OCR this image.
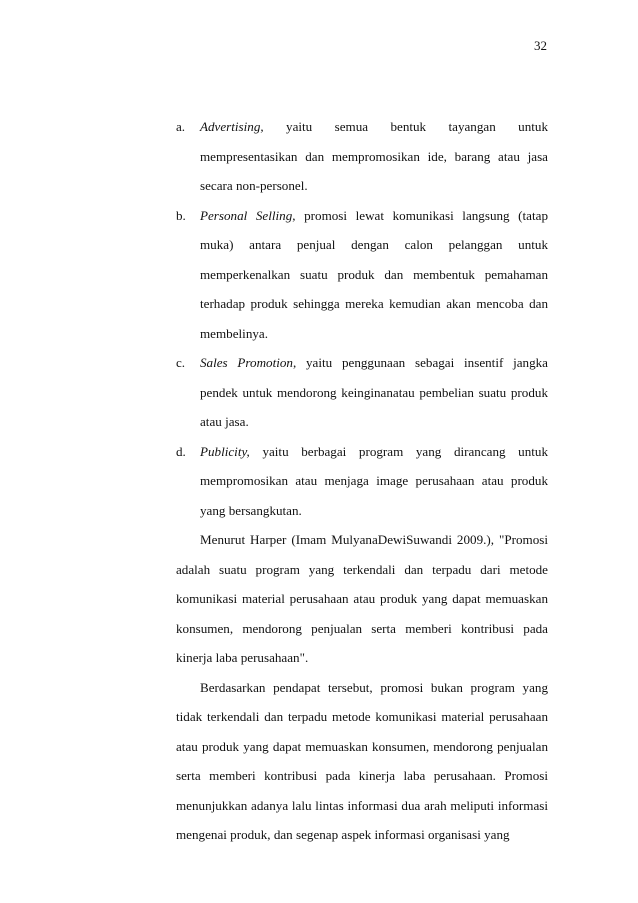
32
a. Advertising, yaitu semua bentuk tayangan untuk mempresentasikan dan mempromosikan ide, barang atau jasa secara non-personel.
b. Personal Selling, promosi lewat komunikasi langsung (tatap muka) antara penjual dengan calon pelanggan untuk memperkenalkan suatu produk dan membentuk pemahaman terhadap produk sehingga mereka kemudian akan mencoba dan membelinya.
c. Sales Promotion, yaitu penggunaan sebagai insentif jangka pendek untuk mendorong keinginanatau pembelian suatu produk atau jasa.
d. Publicity, yaitu berbagai program yang dirancang untuk mempromosikan atau menjaga image perusahaan atau produk yang bersangkutan.

Menurut Harper (Imam MulyanaDewiSuwandi 2009.), "Promosi adalah suatu program yang terkendali dan terpadu dari metode komunikasi material perusahaan atau produk yang dapat memuaskan konsumen, mendorong penjualan serta memberi kontribusi pada kinerja laba perusahaan".

Berdasarkan pendapat tersebut, promosi bukan program yang tidak terkendali dan terpadu metode komunikasi material perusahaan atau produk yang dapat memuaskan konsumen, mendorong penjualan serta memberi kontribusi pada kinerja laba perusahaan. Promosi menunjukkan adanya lalu lintas informasi dua arah meliputi informasi mengenai produk, dan segenap aspek informasi organisasi yang
